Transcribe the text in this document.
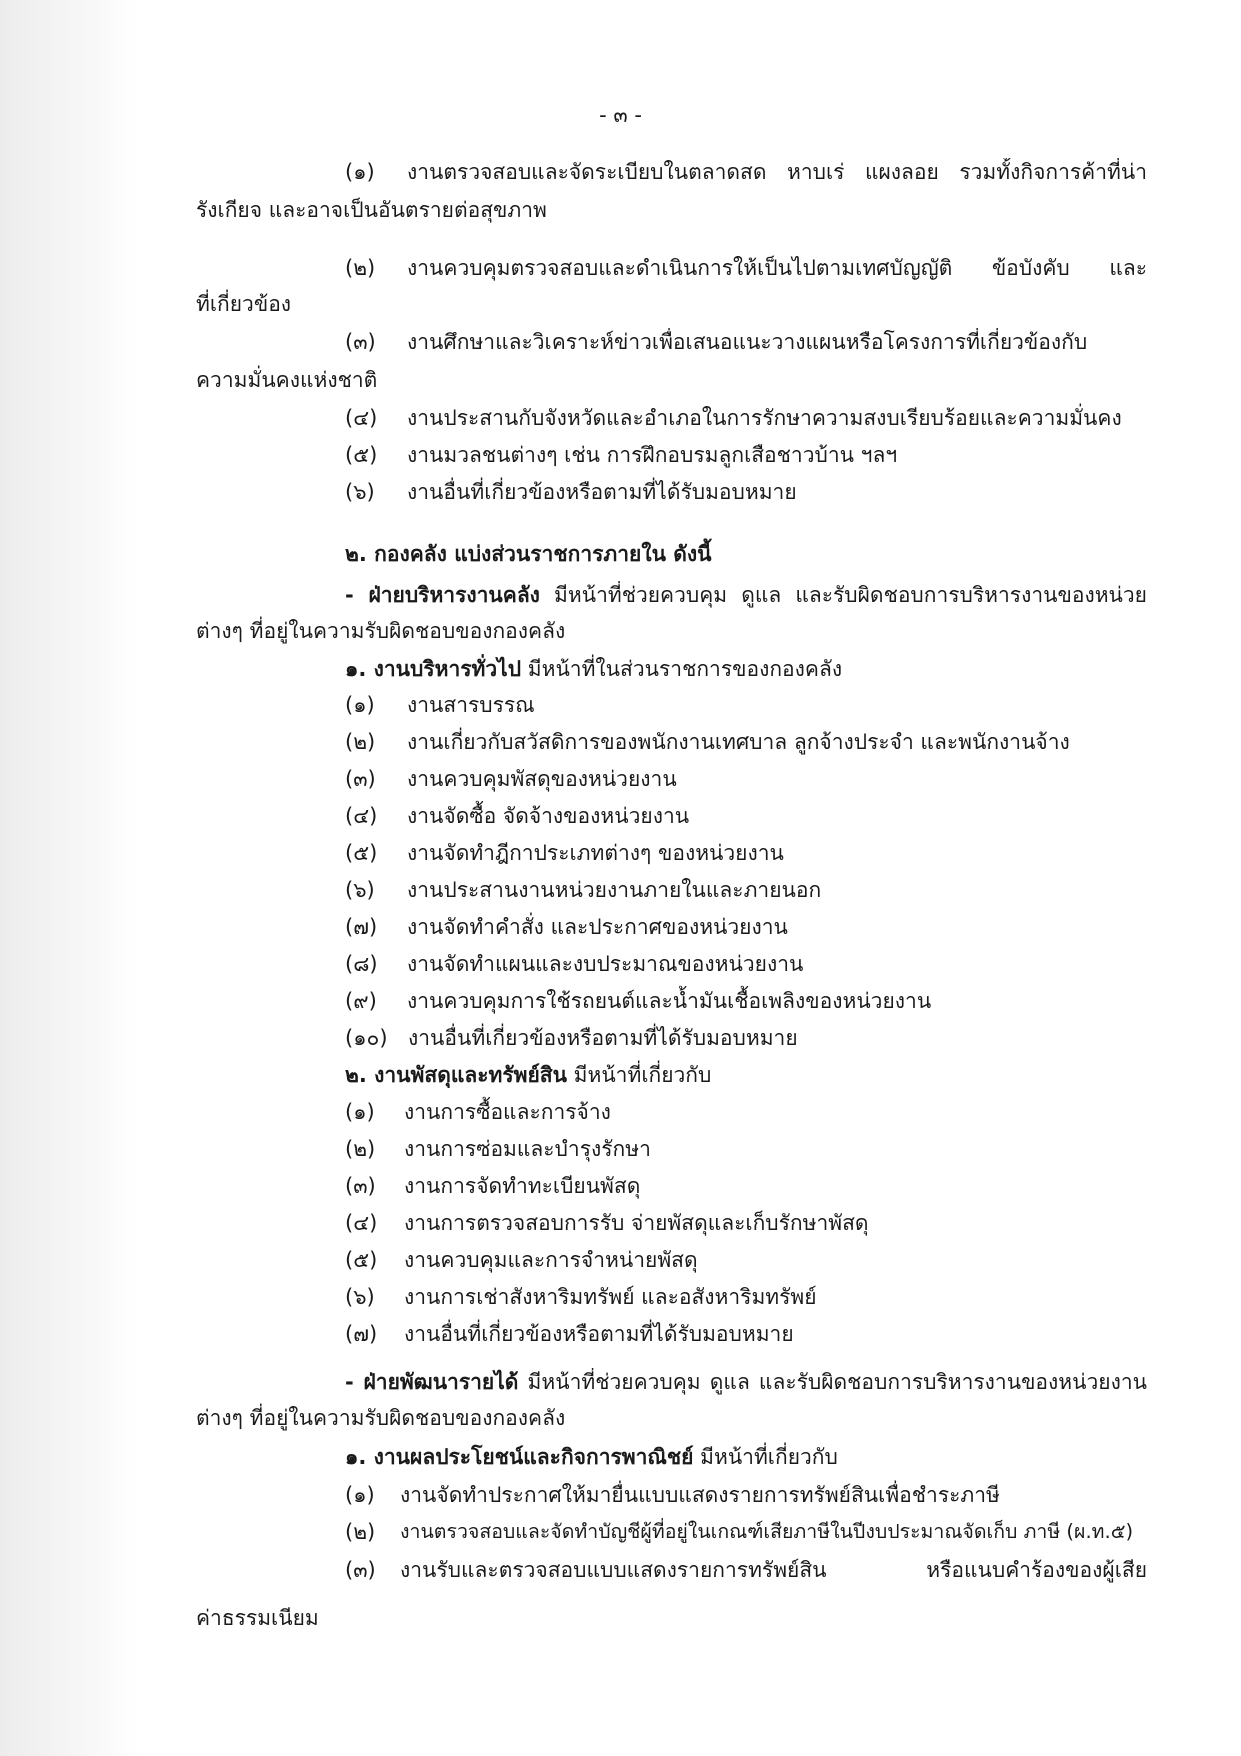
- ๓ -
(๑) งานตรวจสอบและจัดระเบียบในตลาดสด หาบเร่ แผงลอย รวมทั้งกิจการค้าที่น่า
รังเกียจ และอาจเป็นอันตรายต่อสุขภาพ
(๒) งานควบคุมตรวจสอบและดำเนินการให้เป็นไปตามเทศบัญญัติ ข้อบังคับ และ
ที่เกี่ยวข้อง
(๓) งานศึกษาและวิเคราะห์ข่าวเพื่อเสนอแนะวางแผนหรือโครงการที่เกี่ยวข้องกับ
ความมั่นคงแห่งชาติ
(๔) งานประสานกับจังหวัดและอำเภอในการรักษาความสงบเรียบร้อยและความมั่นคง
(๕) งานมวลชนต่างๆ เช่น การฝึกอบรมลูกเสือชาวบ้าน ฯลฯ
(๖) งานอื่นที่เกี่ยวข้องหรือตามที่ได้รับมอบหมาย
๒. กองคลัง แบ่งส่วนราชการภายใน ดังนี้
- ฝ่ายบริหารงานคลัง มีหน้าที่ช่วยควบคุม ดูแล และรับผิดชอบการบริหารงานของหน่วย
ต่างๆ ที่อยู่ในความรับผิดชอบของกองคลัง
๑. งานบริหารทั่วไป มีหน้าที่ในส่วนราชการของกองคลัง
(๑) งานสารบรรณ
(๒) งานเกี่ยวกับสวัสดิการของพนักงานเทศบาล ลูกจ้างประจำ และพนักงานจ้าง
(๓) งานควบคุมพัสดุของหน่วยงาน
(๔) งานจัดซื้อ จัดจ้างของหน่วยงาน
(๕) งานจัดทำฎีกาประเภทต่างๆ ของหน่วยงาน
(๖) งานประสานงานหน่วยงานภายในและภายนอก
(๗) งานจัดทำคำสั่ง และประกาศของหน่วยงาน
(๘) งานจัดทำแผนและงบประมาณของหน่วยงาน
(๙) งานควบคุมการใช้รถยนต์และน้ำมันเชื้อเพลิงของหน่วยงาน
(๑๐) งานอื่นที่เกี่ยวข้องหรือตามที่ได้รับมอบหมาย
๒. งานพัสดุและทรัพย์สิน มีหน้าที่เกี่ยวกับ
(๑) งานการซื้อและการจ้าง
(๒) งานการซ่อมและบำรุงรักษา
(๓) งานการจัดทำทะเบียนพัสดุ
(๔) งานการตรวจสอบการรับ จ่ายพัสดุและเก็บรักษาพัสดุ
(๕) งานควบคุมและการจำหน่ายพัสดุ
(๖) งานการเช่าสังหาริมทรัพย์ และอสังหาริมทรัพย์
(๗) งานอื่นที่เกี่ยวข้องหรือตามที่ได้รับมอบหมาย
- ฝ่ายพัฒนารายได้ มีหน้าที่ช่วยควบคุม ดูแล และรับผิดชอบการบริหารงานของหน่วยงาน
ต่างๆ ที่อยู่ในความรับผิดชอบของกองคลัง
๑. งานผลประโยชน์และกิจการพาณิชย์ มีหน้าที่เกี่ยวกับ
(๑) งานจัดทำประกาศให้มายื่นแบบแสดงรายการทรัพย์สินเพื่อชำระภาษี
(๒) งานตรวจสอบและจัดทำบัญชีผู้ที่อยู่ในเกณฑ์เสียภาษีในปีงบประมาณจัดเก็บ ภาษี (ผ.ท.๕)
(๓) งานรับและตรวจสอบแบบแสดงรายการทรัพย์สิน หรือแนบคำร้องของผู้เสีย
ค่าธรรมเนียม
